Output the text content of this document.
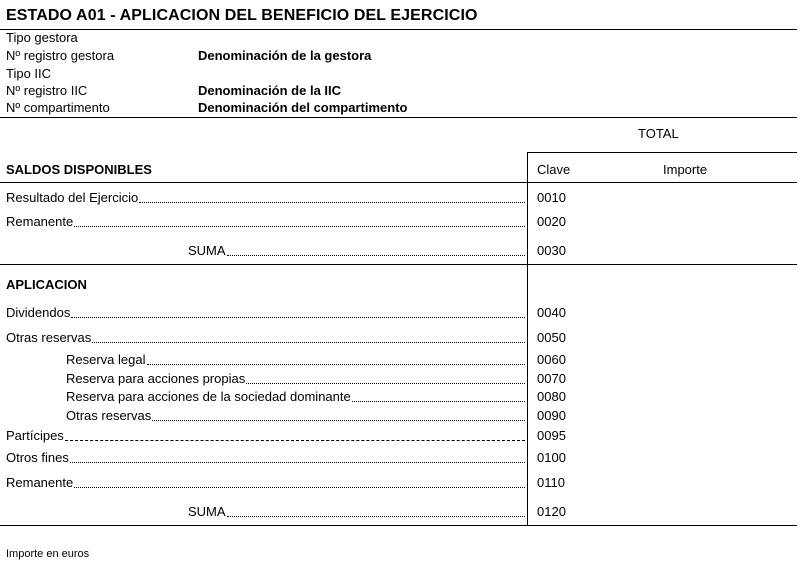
ESTADO A01 - APLICACION DEL BENEFICIO DEL EJERCICIO
Tipo gestora
Nº registro gestora	Denominación de la gestora
Tipo IIC
Nº registro IIC	Denominación de la IIC
Nº compartimento	Denominación del compartimento
TOTAL
Clave	Importe
SALDOS DISPONIBLES
Resultado del Ejercicio	0010
Remanente	0020
SUMA	0030
APLICACION
Dividendos	0040
Otras reservas	0050
Reserva legal	0060
Reserva para acciones propias	0070
Reserva para acciones de la sociedad dominante	0080
Otras reservas	0090
Partícipes	0095
Otros fines	0100
Remanente	0110
SUMA	0120
Importe en euros
